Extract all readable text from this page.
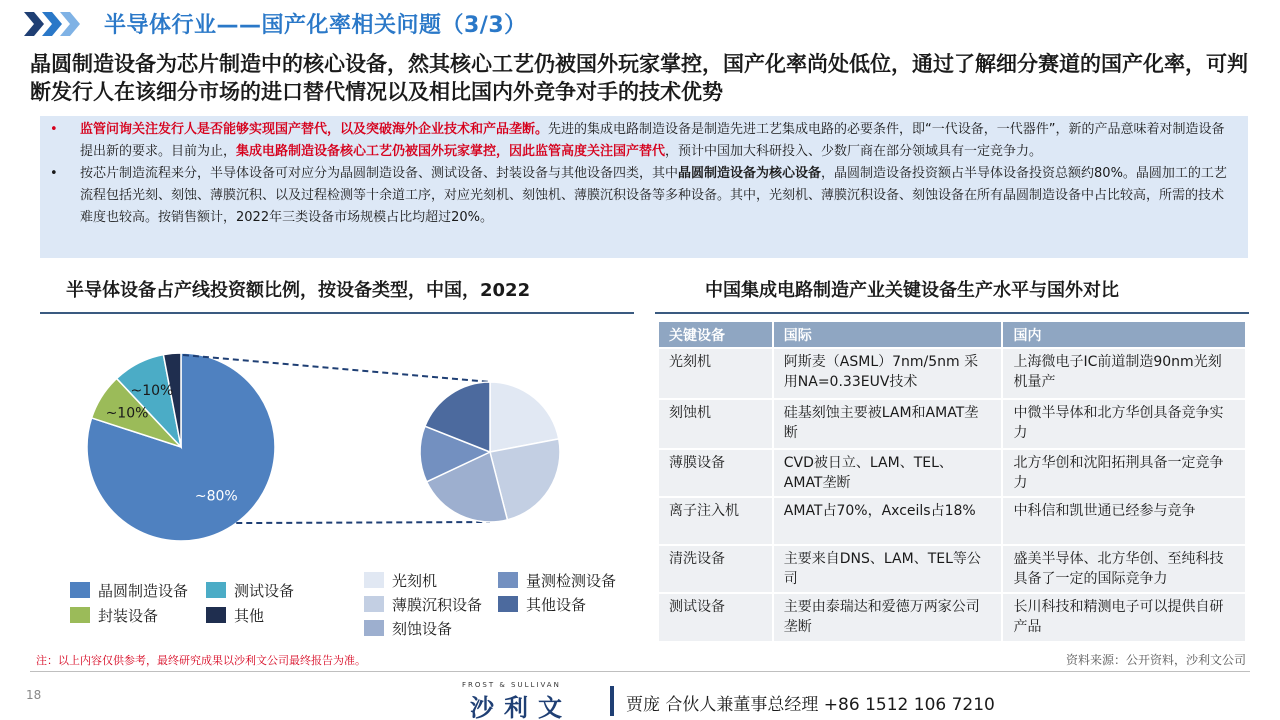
半导体行业——国产化率相关问题（3/3）
晶圆制造设备为芯片制造中的核心设备，然其核心工艺仍被国外玩家掌控，国产化率尚处低位，通过了解细分赛道的国产化率，可判断发行人在该细分市场的进口替代情况以及相比国内外竞争对手的技术优势
• 监管问询关注发行人是否能够实现国产替代，以及突破海外企业技术和产品垄断。先进的集成电路制造设备是制造先进工艺集成电路的必要条件，即“一代设备，一代器件”，新的产品意味着对制造设备提出新的要求。目前为止，集成电路制造设备核心工艺仍被国外玩家掌控，因此监管高度关注国产替代，预计中国加大科研投入、少数厂商在部分领域具有一定竞争力。
• 按芯片制造流程来分，半导体设备可对应分为晶圆制造设备、测试设备、封装设备与其他设备四类，其中晶圆制造设备为核心设备，晶圆制造设备投资额占半导体设备投资总额约80%。晶圆加工的工艺流程包括光刻、刻蚀、薄膜沉积、以及过程检测等十余道工序，对应光刻机、刻蚀机、薄膜沉积设备等多种设备。其中，光刻机、薄膜沉积设备、刻蚀设备在所有晶圆制造设备中占比较高，所需的技术难度也较高。按销售额计，2022年三类设备市场规模占比均超过20%。
半导体设备占产线投资额比例，按设备类型，中国，2022	中国集成电路制造产业关键设备生产水平与国外对比
~80%
~10%
~10%
晶圆制造设备	测试设备
封装设备	其他
光刻机	量测检测设备
薄膜沉积设备	其他设备
刻蚀设备
关键设备	国际	国内
光刻机	阿斯麦（ASML）7nm/5nm 采用NA=0.33EUV技术	上海微电子IC前道制造90nm光刻机量产
刻蚀机	硅基刻蚀主要被LAM和AMAT垄断	中微半导体和北方华创具备竞争实力
薄膜设备	CVD被日立、LAM、TEL、AMAT垄断	北方华创和沈阳拓荆具备一定竞争力
离子注入机	AMAT占70%，Axceils占18%	中科信和凯世通已经参与竞争
清洗设备	主要来自DNS、LAM、TEL等公司	盛美半导体、北方华创、至纯科技具备了一定的国际竞争力
测试设备	主要由泰瑞达和爱德万两家公司垄断	长川科技和精测电子可以提供自研产品
注：以上内容仅供参考，最终研究成果以沙利文公司最终报告为准。	资料来源：公开资料，沙利文公司
18
FROST & SULLIVAN
沙利文	贾庞 合伙人兼董事总经理 +86 1512 106 7210
